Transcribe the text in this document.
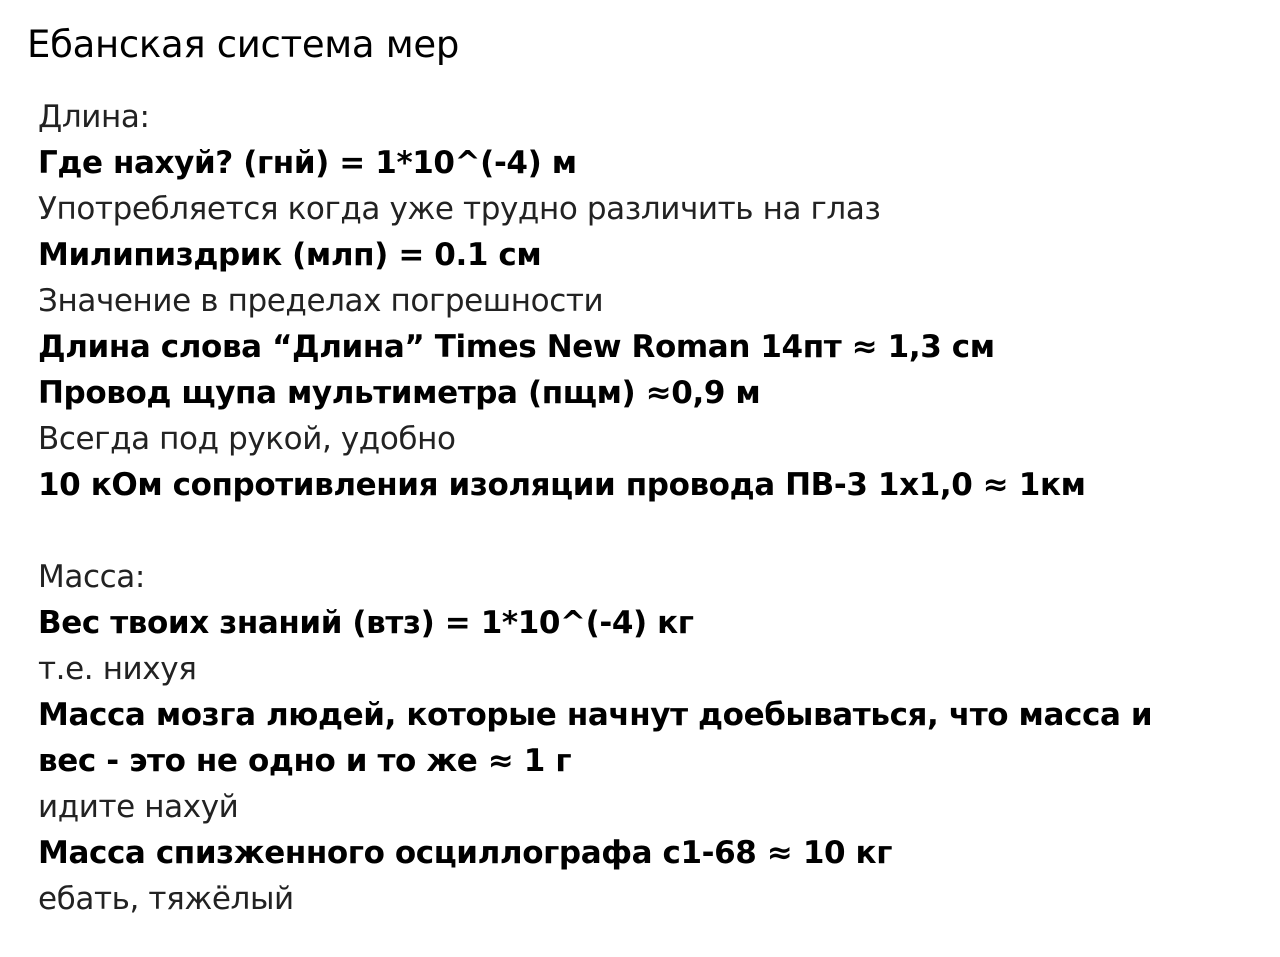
Ебанская система мер
Длина:
Где нахуй? (гнй) = 1*10^(-4) м
Употребляется когда уже трудно различить на глаз
Милипиздрик (млп) = 0.1 см
Значение в пределах погрешности
Длина слова “Длина” Times New Roman 14пт ≈ 1,3 см
Провод щупа мультиметра (пщм) ≈0,9 м
Всегда под рукой, удобно
10 кОм сопротивления изоляции провода ПВ-3 1х1,0 ≈ 1км
Масса:
Вес твоих знаний (втз) = 1*10^(-4) кг
т.е. нихуя
Масса мозга людей, которые начнут доебываться, что масса и
вес - это не одно и то же ≈ 1 г
идите нахуй
Масса спизженного осциллографа с1-68 ≈ 10 кг
ебать, тяжёлый
